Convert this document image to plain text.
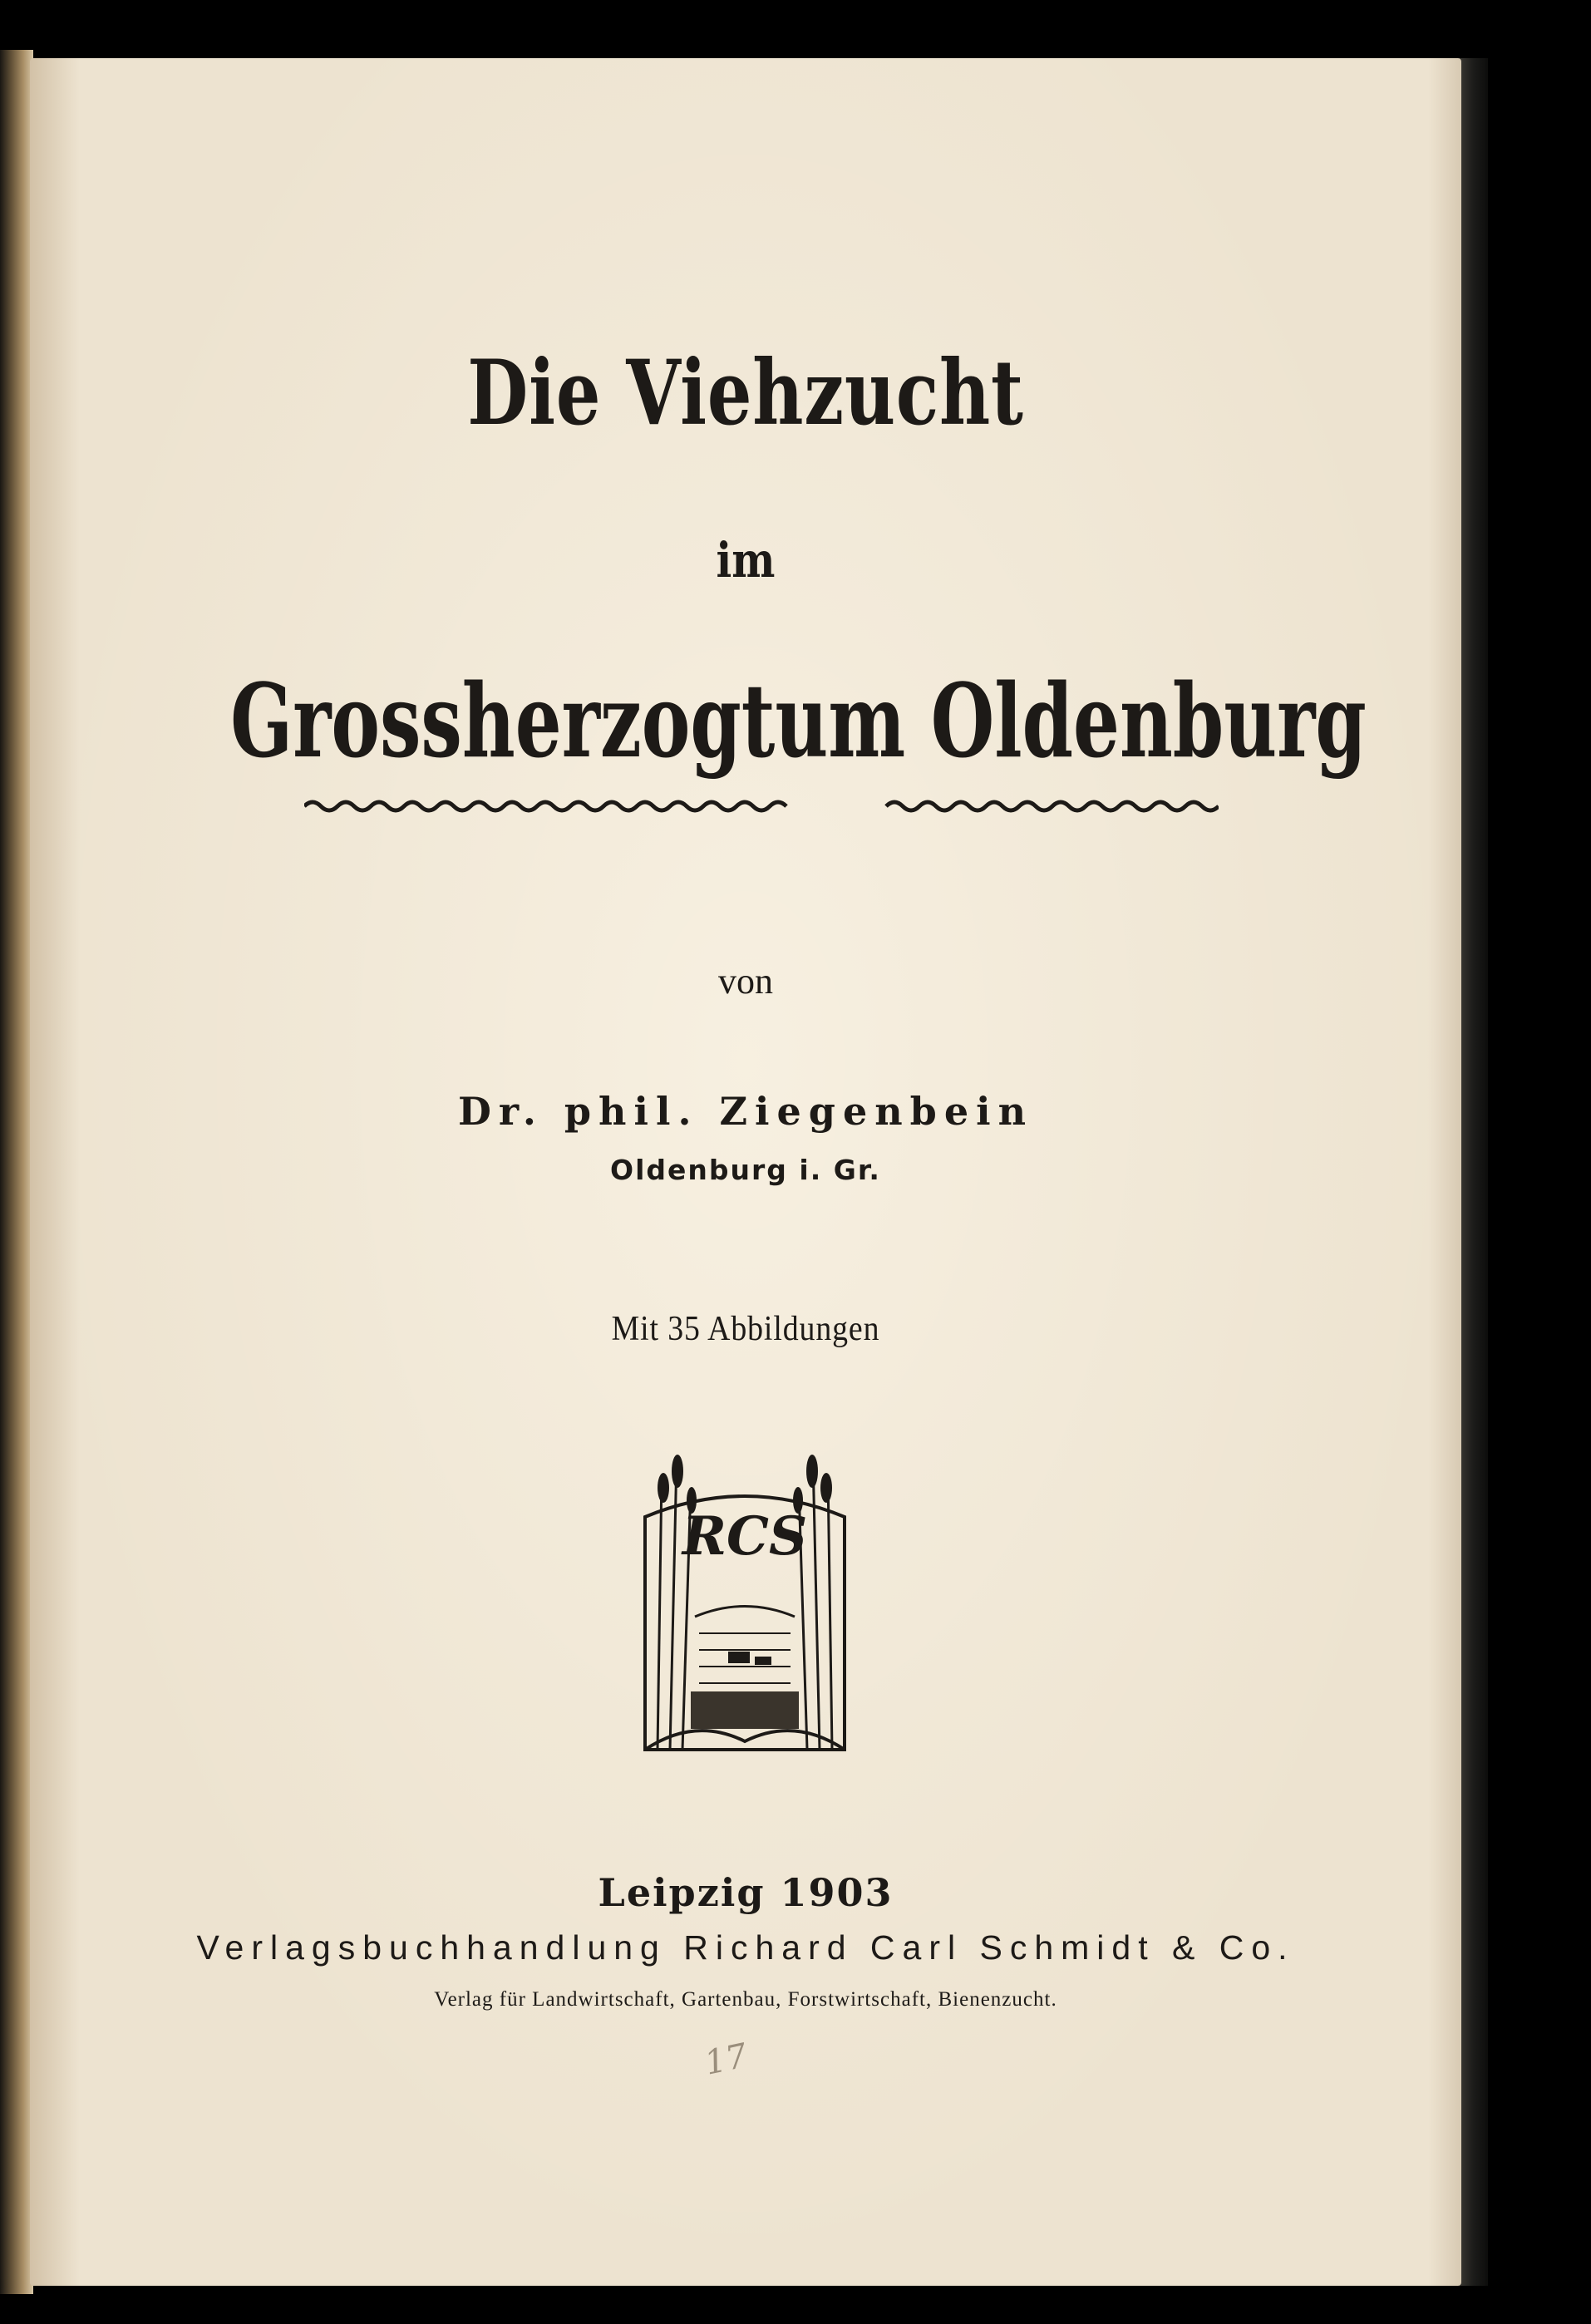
Die Viehzucht
im
Grossherzogtum Oldenburg
von
Dr. phil. Ziegenbein
Oldenburg i. Gr.
Mit 35 Abbildungen
RCS
Leipzig 1903
Verlagsbuchhandlung Richard Carl Schmidt & Co.
Verlag für Landwirtschaft, Gartenbau, Forstwirtschaft, Bienenzucht.
17
